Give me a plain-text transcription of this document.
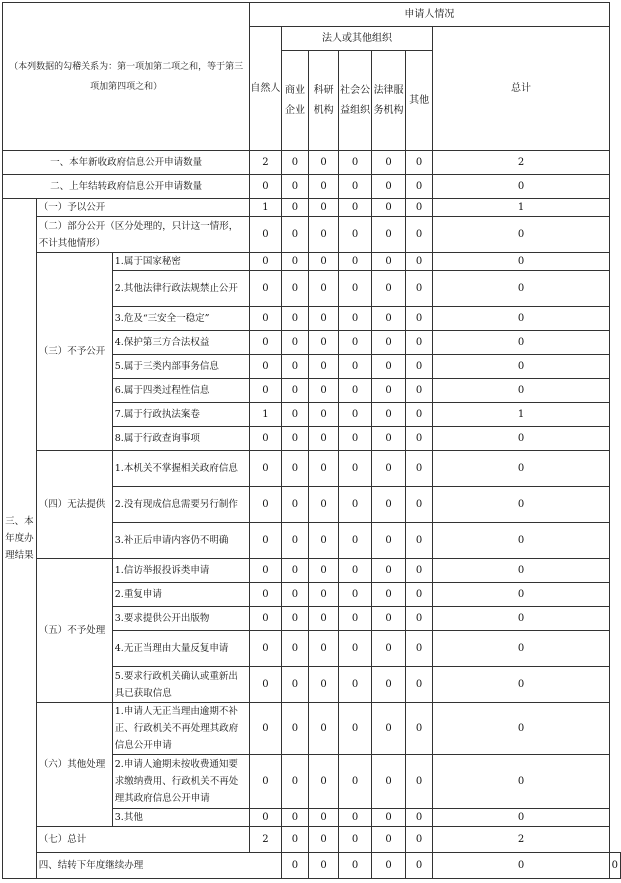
（本列数据的勾稽关系为：第一项加第二项之和，等于第三项加第四项之和）			申请人情况							
			自然人	法人或其他组织					总计	
				商业企业	科研机构	社会公益组织	法律服务机构	其他		
一、本年新收政府信息公开申请数量			2	0	0	0	0	0	2	
二、上年结转政府信息公开申请数量			0	0	0	0	0	0	0	
三、本年度办理结果	（一）予以公开		1	0	0	0	0	0	1	
	（二）部分公开（区分处理的，只计这一情形，不计其他情形）		0	0	0	0	0	0	0	
	（三）不予公开	1.属于国家秘密	0	0	0	0	0	0	0	
		2.其他法律行政法规禁止公开	0	0	0	0	0	0	0	
		3.危及“三安全一稳定”	0	0	0	0	0	0	0	
		4.保护第三方合法权益	0	0	0	0	0	0	0	
		5.属于三类内部事务信息	0	0	0	0	0	0	0	
		6.属于四类过程性信息	0	0	0	0	0	0	0	
		7.属于行政执法案卷	1	0	0	0	0	0	1	
		8.属于行政查询事项	0	0	0	0	0	0	0	
	（四）无法提供	1.本机关不掌握相关政府信息	0	0	0	0	0	0	0	
		2.没有现成信息需要另行制作	0	0	0	0	0	0	0	
		3.补正后申请内容仍不明确	0	0	0	0	0	0	0	
	（五）不予处理	1.信访举报投诉类申请	0	0	0	0	0	0	0	
		2.重复申请	0	0	0	0	0	0	0	
		3.要求提供公开出版物	0	0	0	0	0	0	0	
		4.无正当理由大量反复申请	0	0	0	0	0	0	0	
		5.要求行政机关确认或重新出具已获取信息	0	0	0	0	0	0	0	
	（六）其他处理	1.申请人无正当理由逾期不补正、行政机关不再处理其政府信息公开申请	0	0	0	0	0	0	0	
		2.申请人逾期未按收费通知要求缴纳费用、行政机关不再处理其政府信息公开申请	0	0	0	0	0	0	0	
		3.其他	0	0	0	0	0	0	0	
	（七）总计		2	0	0	0	0	0	2	
	四、结转下年度继续办理			0	0	0	0	0	0	0
